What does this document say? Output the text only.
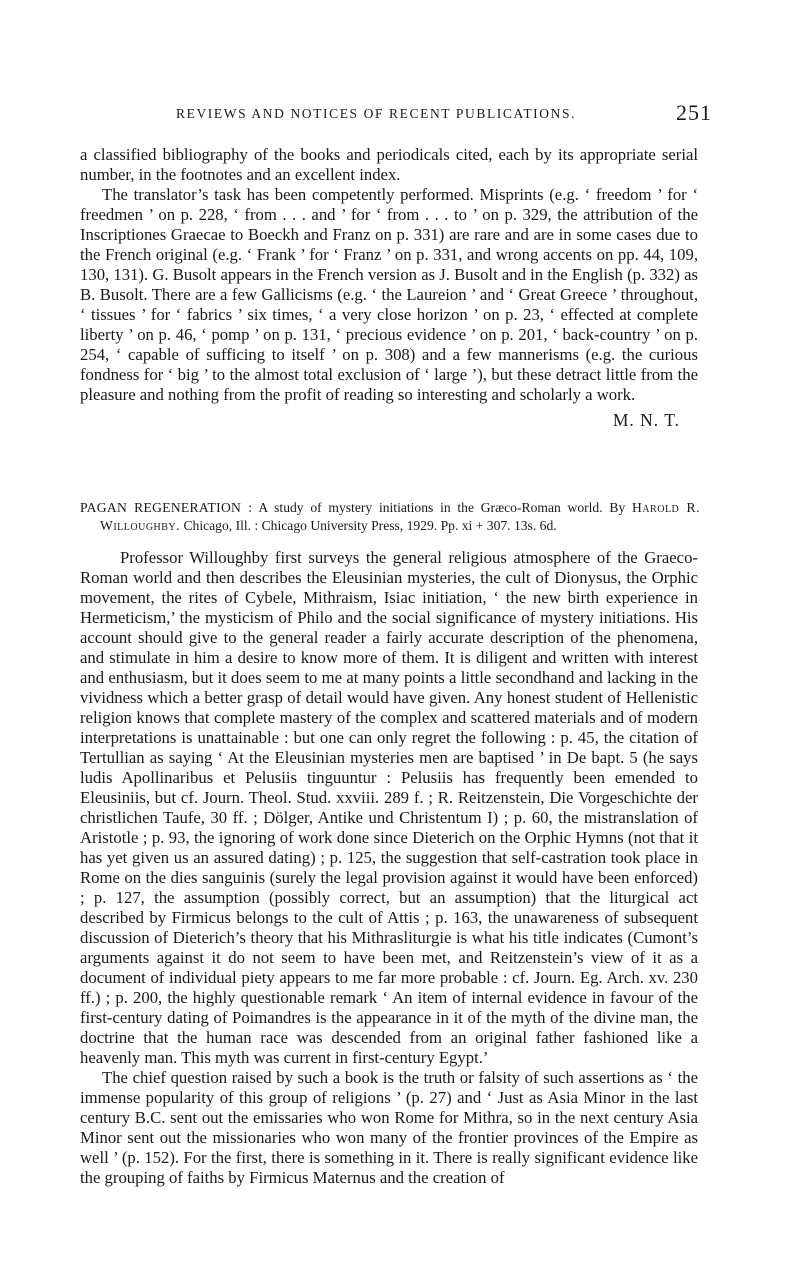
REVIEWS AND NOTICES OF RECENT PUBLICATIONS.	251

a classified bibliography of the books and periodicals cited, each by its appropriate serial number, in the footnotes and an excellent index.

The translator’s task has been competently performed. Misprints (e.g. ‘ freedom ’ for ‘ freedmen ’ on p. 228, ‘ from . . . and ’ for ‘ from . . . to ’ on p. 329, the attribution of the Inscriptiones Graecae to Boeckh and Franz on p. 331) are rare and are in some cases due to the French original (e.g. ‘ Frank ’ for ‘ Franz ’ on p. 331, and wrong accents on pp. 44, 109, 130, 131). G. Busolt appears in the French version as J. Busolt and in the English (p. 332) as B. Busolt. There are a few Gallicisms (e.g. ‘ the Laureion ’ and ‘ Great Greece ’ throughout, ‘ tissues ’ for ‘ fabrics ’ six times, ‘ a very close horizon ’ on p. 23, ‘ effected at complete liberty ’ on p. 46, ‘ pomp ’ on p. 131, ‘ precious evidence ’ on p. 201, ‘ back-country ’ on p. 254, ‘ capable of sufficing to itself ’ on p. 308) and a few mannerisms (e.g. the curious fondness for ‘ big ’ to the almost total exclusion of ‘ large ’), but these detract little from the pleasure and nothing from the profit of reading so interesting and scholarly a work.

M. N. T.

PAGAN REGENERATION : A study of mystery initiations in the Græco-Roman world. By Harold R. Willoughby. Chicago, Ill. : Chicago University Press, 1929. Pp. xi + 307. 13s. 6d.

Professor Willoughby first surveys the general religious atmosphere of the Graeco-Roman world and then describes the Eleusinian mysteries, the cult of Dionysus, the Orphic movement, the rites of Cybele, Mithraism, Isiac initiation, ‘ the new birth experience in Hermeticism,’ the mysticism of Philo and the social significance of mystery initiations. His account should give to the general reader a fairly accurate description of the phenomena, and stimulate in him a desire to know more of them. It is diligent and written with interest and enthusiasm, but it does seem to me at many points a little secondhand and lacking in the vividness which a better grasp of detail would have given. Any honest student of Hellenistic religion knows that complete mastery of the complex and scattered materials and of modern interpretations is unattainable : but one can only regret the following : p. 45, the citation of Tertullian as saying ‘ At the Eleusinian mysteries men are baptised ’ in De bapt. 5 (he says ludis Apollinaribus et Pelusiis tinguuntur : Pelusiis has frequently been emended to Eleusiniis, but cf. Journ. Theol. Stud. xxviii. 289 f. ; R. Reitzenstein, Die Vorgeschichte der christlichen Taufe, 30 ff. ; Dölger, Antike und Christentum I) ; p. 60, the mistranslation of Aristotle ; p. 93, the ignoring of work done since Dieterich on the Orphic Hymns (not that it has yet given us an assured dating) ; p. 125, the suggestion that self-castration took place in Rome on the dies sanguinis (surely the legal provision against it would have been enforced) ; p. 127, the assumption (possibly correct, but an assumption) that the liturgical act described by Firmicus belongs to the cult of Attis ; p. 163, the unawareness of subsequent discussion of Dieterich’s theory that his Mithrasliturgie is what his title indicates (Cumont’s arguments against it do not seem to have been met, and Reitzenstein’s view of it as a document of individual piety appears to me far more probable : cf. Journ. Eg. Arch. xv. 230 ff.) ; p. 200, the highly questionable remark ‘ An item of internal evidence in favour of the first-century dating of Poimandres is the appearance in it of the myth of the divine man, the doctrine that the human race was descended from an original father fashioned like a heavenly man. This myth was current in first-century Egypt.’

The chief question raised by such a book is the truth or falsity of such assertions as ‘ the immense popularity of this group of religions ’ (p. 27) and ‘ Just as Asia Minor in the last century B.C. sent out the emissaries who won Rome for Mithra, so in the next century Asia Minor sent out the missionaries who won many of the frontier provinces of the Empire as well ’ (p. 152). For the first, there is something in it. There is really significant evidence like the grouping of faiths by Firmicus Maternus and the creation of
